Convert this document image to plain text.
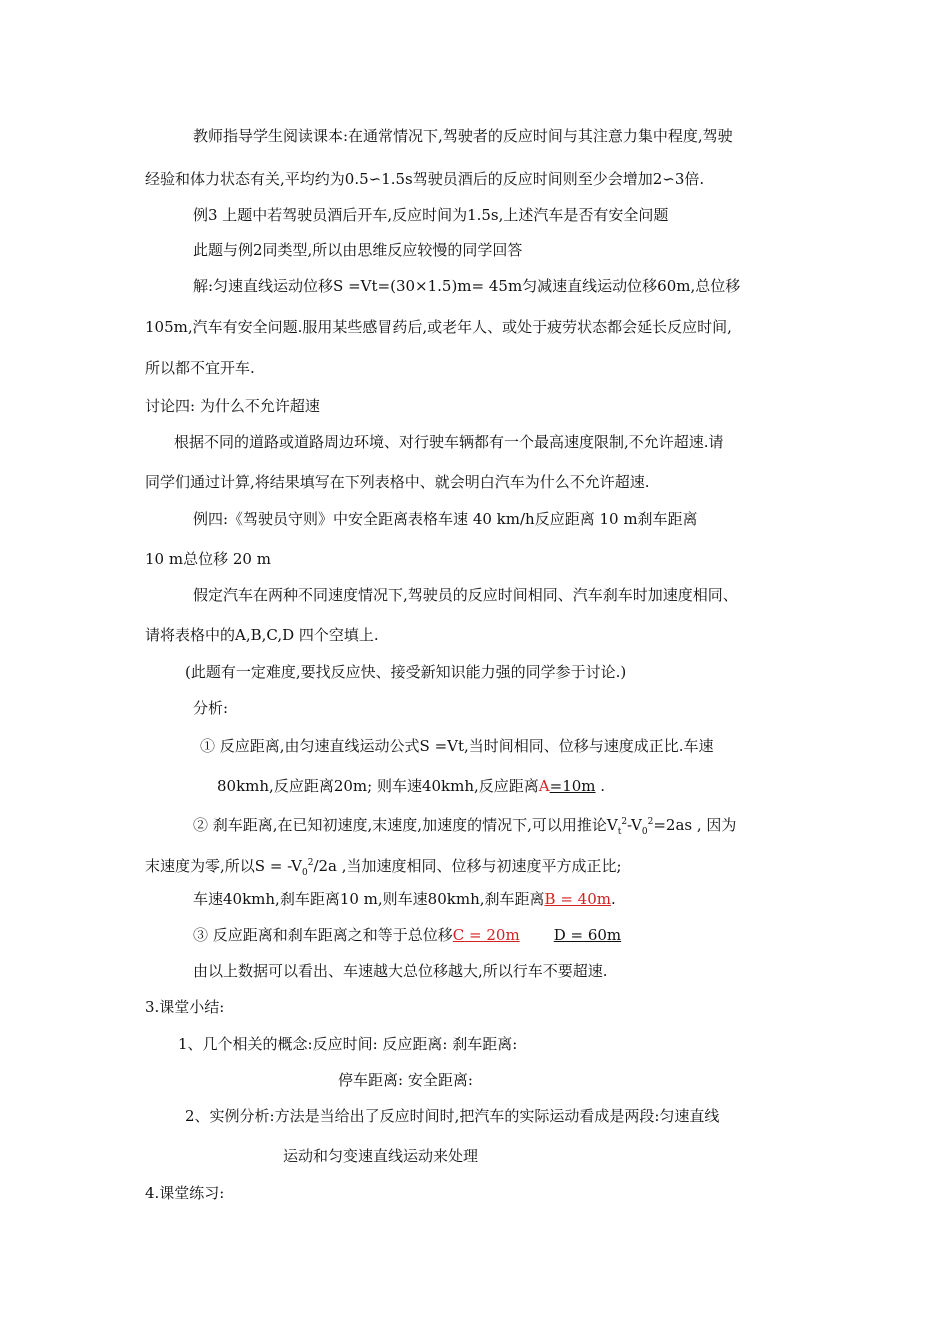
教师指导学生阅读课本:在通常情况下,驾驶者的反应时间与其注意力集中程度,驾驶
经验和体力状态有关,平均约为0.5∽1.5s驾驶员酒后的反应时间则至少会增加2∽3倍.
例3 上题中若驾驶员酒后开车,反应时间为1.5s,上述汽车是否有安全问题
此题与例2同类型,所以由思维反应较慢的同学回答
解:匀速直线运动位移S =Vt=(30×1.5)m= 45m匀减速直线运动位移60m,总位移
105m,汽车有安全问题.服用某些感冒药后,或老年人、或处于疲劳状态都会延长反应时间,
所以都不宜开车.
讨论四: 为什么不允许超速
根据不同的道路或道路周边环境、对行驶车辆都有一个最高速度限制,不允许超速.请
同学们通过计算,将结果填写在下列表格中、就会明白汽车为什么不允许超速.
例四:《驾驶员守则》中安全距离表格车速 40 km/h反应距离 10 m刹车距离
10 m总位移 20 m
假定汽车在两种不同速度情况下,驾驶员的反应时间相同、汽车刹车时加速度相同、
请将表格中的A,B,C,D 四个空填上.
(此题有一定难度,要找反应快、接受新知识能力强的同学参于讨论.)
分析:
① 反应距离,由匀速直线运动公式S =Vt,当时间相同、位移与速度成正比.车速
80kmh,反应距离20m; 则车速40kmh,反应距离A=10m .
② 刹车距离,在已知初速度,末速度,加速度的情况下,可以用推论$V_t^2-V_0^2=2as$ , 因为
末速度为零,所以$S = -V_0^2/2a$ ,当加速度相同、位移与初速度平方成正比;
车速40kmh,刹车距离10 m,则车速80kmh,刹车距离B = 40m.
③ 反应距离和刹车距离之和等于总位移C = 20m D = 60m
由以上数据可以看出、车速越大总位移越大,所以行车不要超速.
3.课堂小结:
1、几个相关的概念:反应时间: 反应距离: 刹车距离:
停车距离: 安全距离:
2、实例分析:方法是当给出了反应时间时,把汽车的实际运动看成是两段:匀速直线
运动和匀变速直线运动来处理
4.课堂练习:
